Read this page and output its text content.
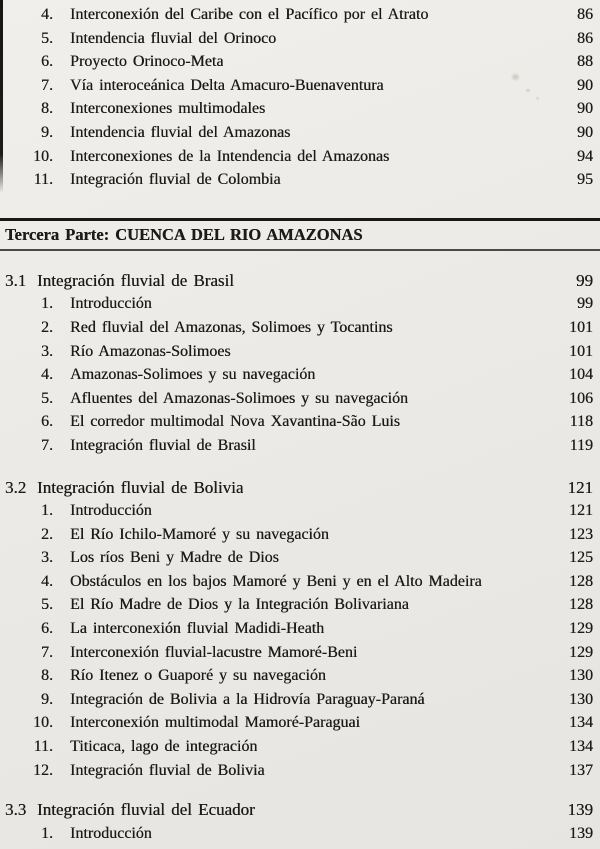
4. Interconexión del Caribe con el Pacífico por el Atrato	86
5. Intendencia fluvial del Orinoco	86
6. Proyecto Orinoco-Meta	88
7. Vía interoceánica Delta Amacuro-Buenaventura	90
8. Interconexiones multimodales	90
9. Intendencia fluvial del Amazonas	90
10. Interconexiones de la Intendencia del Amazonas	94
11. Integración fluvial de Colombia	95
Tercera Parte: CUENCA DEL RIO AMAZONAS
3.1 Integración fluvial de Brasil	99
1. Introducción	99
2. Red fluvial del Amazonas, Solimoes y Tocantins	101
3. Río Amazonas-Solimoes	101
4. Amazonas-Solimoes y su navegación	104
5. Afluentes del Amazonas-Solimoes y su navegación	106
6. El corredor multimodal Nova Xavantina-São Luis	118
7. Integración fluvial de Brasil	119
3.2 Integración fluvial de Bolivia	121
1. Introducción	121
2. El Río Ichilo-Mamoré y su navegación	123
3. Los ríos Beni y Madre de Dios	125
4. Obstáculos en los bajos Mamoré y Beni y en el Alto Madeira	128
5. El Río Madre de Dios y la Integración Bolivariana	128
6. La interconexión fluvial Madidi-Heath	129
7. Interconexión fluvial-lacustre Mamoré-Beni	129
8. Río Itenez o Guaporé y su navegación	130
9. Integración de Bolivia a la Hidrovía Paraguay-Paraná	130
10. Interconexión multimodal Mamoré-Paraguai	134
11. Titicaca, lago de integración	134
12. Integración fluvial de Bolivia	137
3.3 Integración fluvial del Ecuador	139
1. Introducción	139
